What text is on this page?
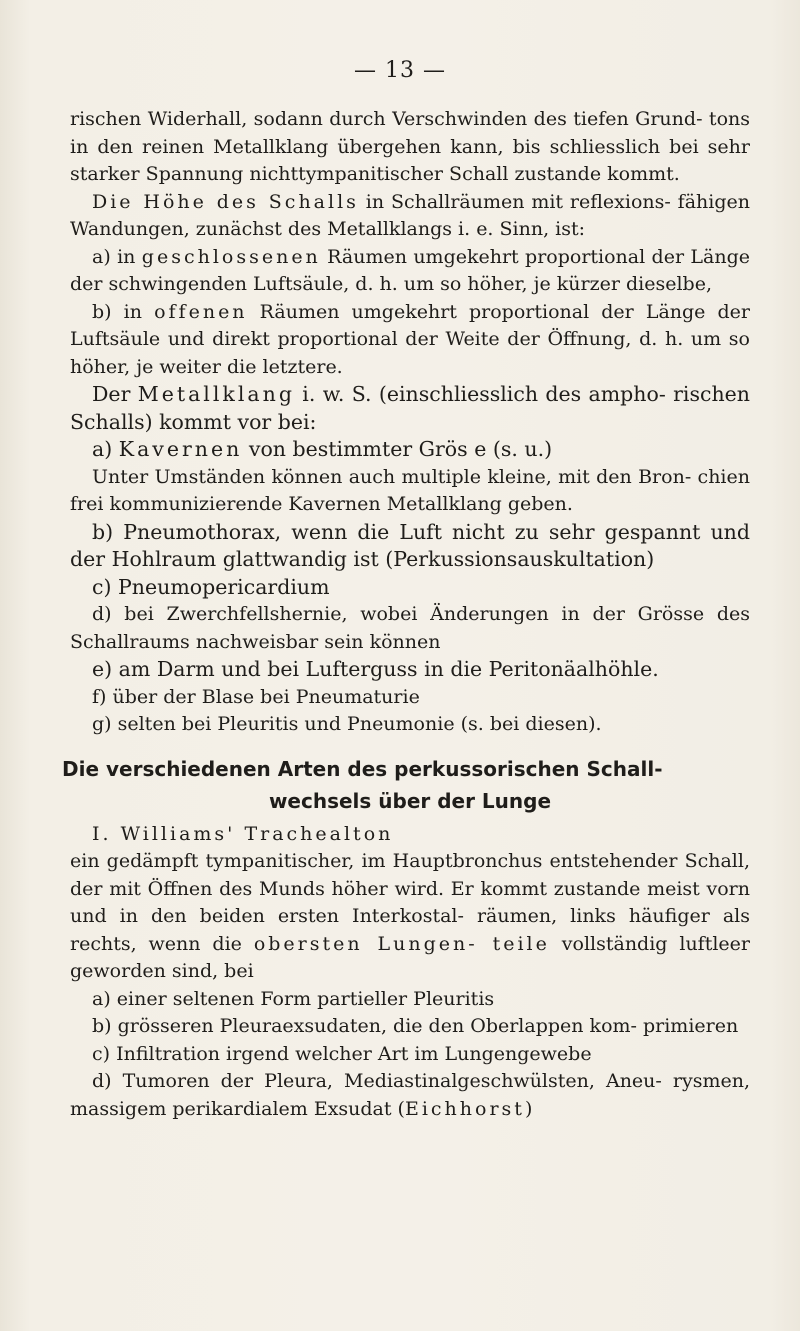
— 13 —

rischen Widerhall, sodann durch Verschwinden des tiefen Grund- tons in den reinen Metallklang übergehen kann, bis schliesslich bei sehr starker Spannung nichttympanitischer Schall zustande kommt.

Die Höhe des Schalls in Schallräumen mit reflexions- fähigen Wandungen, zunächst des Metallklangs i. e. Sinn, ist:

a) in geschlossenen Räumen umgekehrt proportional der Länge der schwingenden Luftsäule, d. h. um so höher, je kürzer dieselbe,

b) in offenen Räumen umgekehrt proportional der Länge der Luftsäule und direkt proportional der Weite der Öffnung, d. h. um so höher, je weiter die letztere.

Der Metallklang i. w. S. (einschliesslich des ampho- rischen Schalls) kommt vor bei:

a) Kavernen von bestimmter Grös e (s. u.)

Unter Umständen können auch multiple kleine, mit den Bron- chien frei kommunizierende Kavernen Metallklang geben.

b) Pneumothorax, wenn die Luft nicht zu sehr gespannt und der Hohlraum glattwandig ist (Perkussionsauskultation)

c) Pneumopericardium

d) bei Zwerchfellshernie, wobei Änderungen in der Grösse des Schallraums nachweisbar sein können

e) am Darm und bei Lufterguss in die Peritonäalhöhle.

f) über der Blase bei Pneumaturie

g) selten bei Pleuritis und Pneumonie (s. bei diesen).

Die verschiedenen Arten des perkussorischen Schall-
wechsels über der Lunge

I. Williams' Trachealton

ein gedämpft tympanitischer, im Hauptbronchus entstehender Schall, der mit Öffnen des Munds höher wird. Er kommt zustande meist vorn und in den beiden ersten Interkostal- räumen, links häufiger als rechts, wenn die obersten Lungen- teile vollständig luftleer geworden sind, bei

a) einer seltenen Form partieller Pleuritis

b) grösseren Pleuraexsudaten, die den Oberlappen kom- primieren

c) Infiltration irgend welcher Art im Lungengewebe

d) Tumoren der Pleura, Mediastinalgeschwülsten, Aneu- rysmen, massigem perikardialem Exsudat (Eichhorst)
